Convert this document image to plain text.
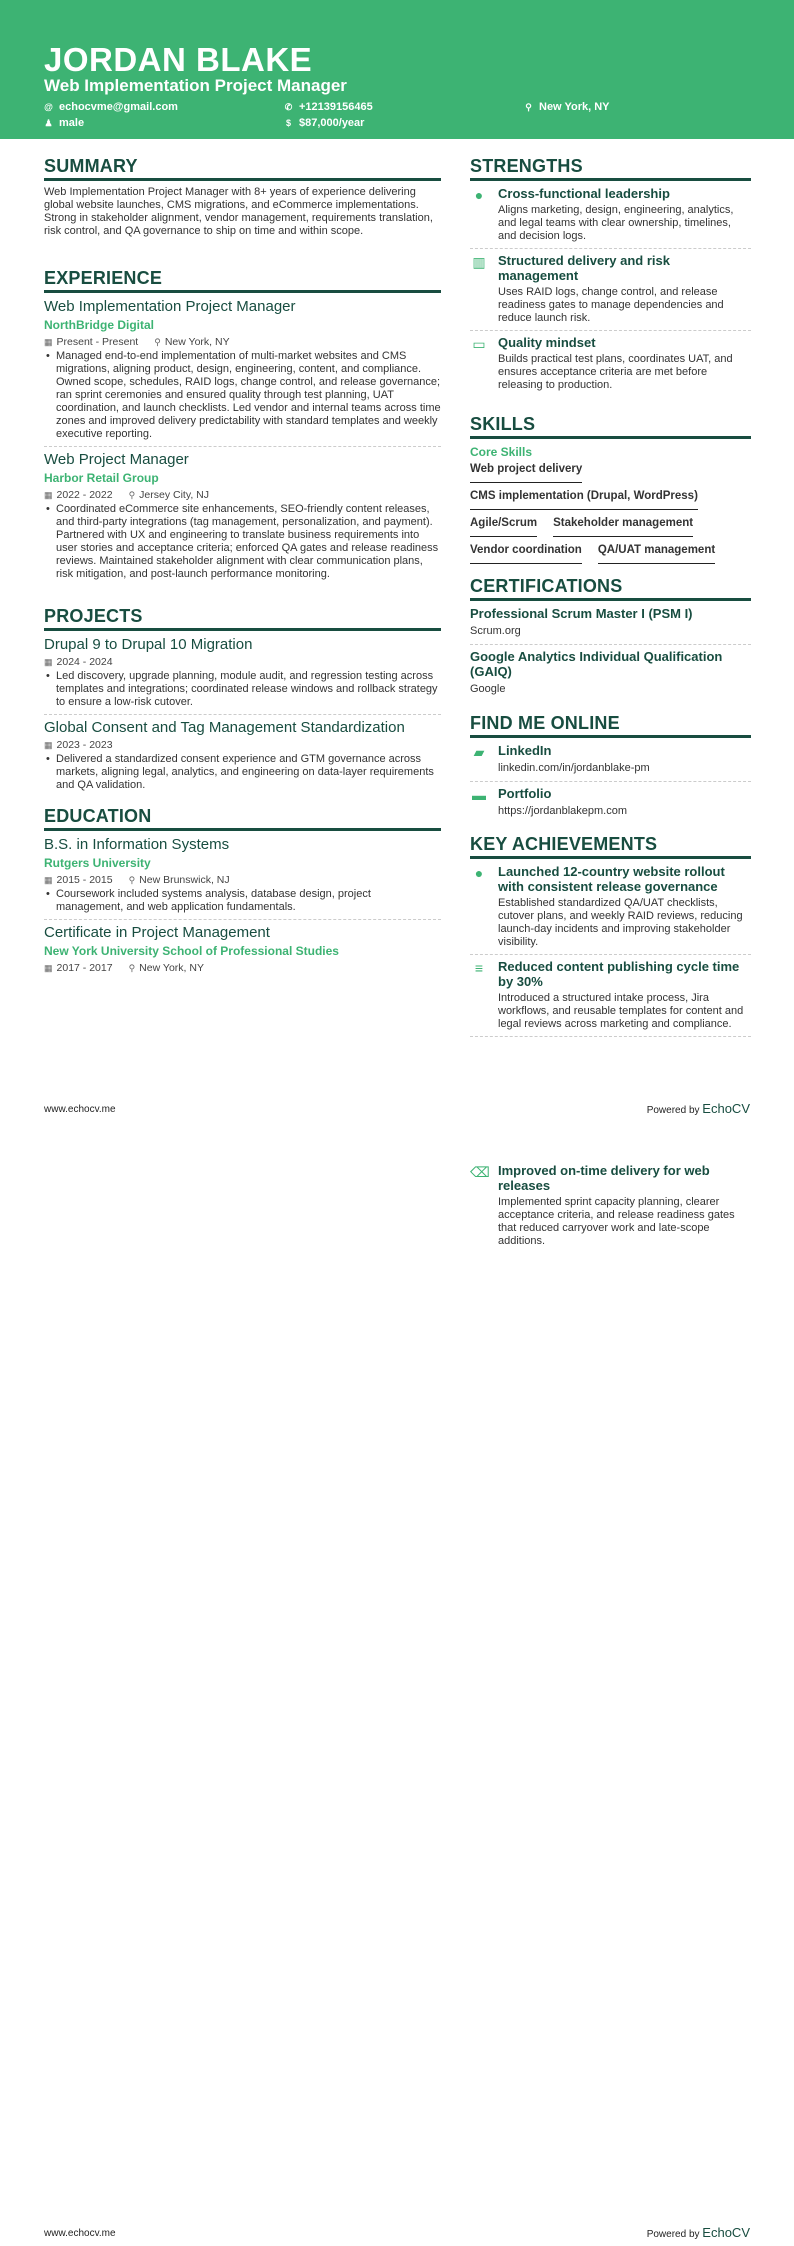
JORDAN BLAKE
Web Implementation Project Manager
@ echocvme@gmail.com	✆ +12139156465	⚲ New York, NY
♟ male	$ $87,000/year
SUMMARY
Web Implementation Project Manager with 8+ years of experience delivering global website launches, CMS migrations, and eCommerce implementations. Strong in stakeholder alignment, vendor management, requirements translation, risk control, and QA governance to ship on time and within scope.
EXPERIENCE
Web Implementation Project Manager
NorthBridge Digital
▦ Present - Present ⚲ New York, NY
• Managed end-to-end implementation of multi-market websites and CMS migrations, aligning product, design, engineering, content, and compliance. Owned scope, schedules, RAID logs, change control, and release governance; ran sprint ceremonies and ensured quality through test planning, UAT coordination, and launch checklists. Led vendor and internal teams across time zones and improved delivery predictability with standard templates and weekly executive reporting.
Web Project Manager
Harbor Retail Group
▦ 2022 - 2022 ⚲ Jersey City, NJ
• Coordinated eCommerce site enhancements, SEO-friendly content releases, and third-party integrations (tag management, personalization, and payment). Partnered with UX and engineering to translate business requirements into user stories and acceptance criteria; enforced QA gates and release readiness reviews. Maintained stakeholder alignment with clear communication plans, risk mitigation, and post-launch performance monitoring.
PROJECTS
Drupal 9 to Drupal 10 Migration
▦ 2024 - 2024
• Led discovery, upgrade planning, module audit, and regression testing across templates and integrations; coordinated release windows and rollback strategy to ensure a low-risk cutover.
Global Consent and Tag Management Standardization
▦ 2023 - 2023
• Delivered a standardized consent experience and GTM governance across markets, aligning legal, analytics, and engineering on data-layer requirements and QA validation.
EDUCATION
B.S. in Information Systems
Rutgers University
▦ 2015 - 2015 ⚲ New Brunswick, NJ
• Coursework included systems analysis, database design, project management, and web application fundamentals.
Certificate in Project Management
New York University School of Professional Studies
▦ 2017 - 2017 ⚲ New York, NY
STRENGTHS
●	Cross-functional leadership
Aligns marketing, design, engineering, analytics, and legal teams with clear ownership, timelines, and decision logs.
▥ Structured delivery and risk management
Uses RAID logs, change control, and release readiness gates to manage dependencies and reduce launch risk.
▭ Quality mindset
Builds practical test plans, coordinates UAT, and ensures acceptance criteria are met before releasing to production.
SKILLS
Core Skills
Web project delivery
CMS implementation (Drupal, WordPress)
Agile/Scrum Stakeholder management
Vendor coordination QA/UAT management
CERTIFICATIONS
Professional Scrum Master I (PSM I)
Scrum.org
Google Analytics Individual Qualification (GAIQ)
Google
FIND ME ONLINE
▰ LinkedIn
linkedin.com/in/jordanblake-pm
▬ Portfolio
https://jordanblakepm.com
KEY ACHIEVEMENTS
●	Launched 12-country website rollout with consistent release governance
Established standardized QA/UAT checklists, cutover plans, and weekly RAID reviews, reducing launch-day incidents and improving stakeholder visibility.
≡	Reduced content publishing cycle time by 30%
Introduced a structured intake process, Jira workflows, and reusable templates for content and legal reviews across marketing and compliance.
www.echocv.me	Powered by EchoCV
⌫ Improved on-time delivery for web releases
Implemented sprint capacity planning, clearer acceptance criteria, and release readiness gates that reduced carryover work and late-scope additions.
www.echocv.me	Powered by EchoCV
